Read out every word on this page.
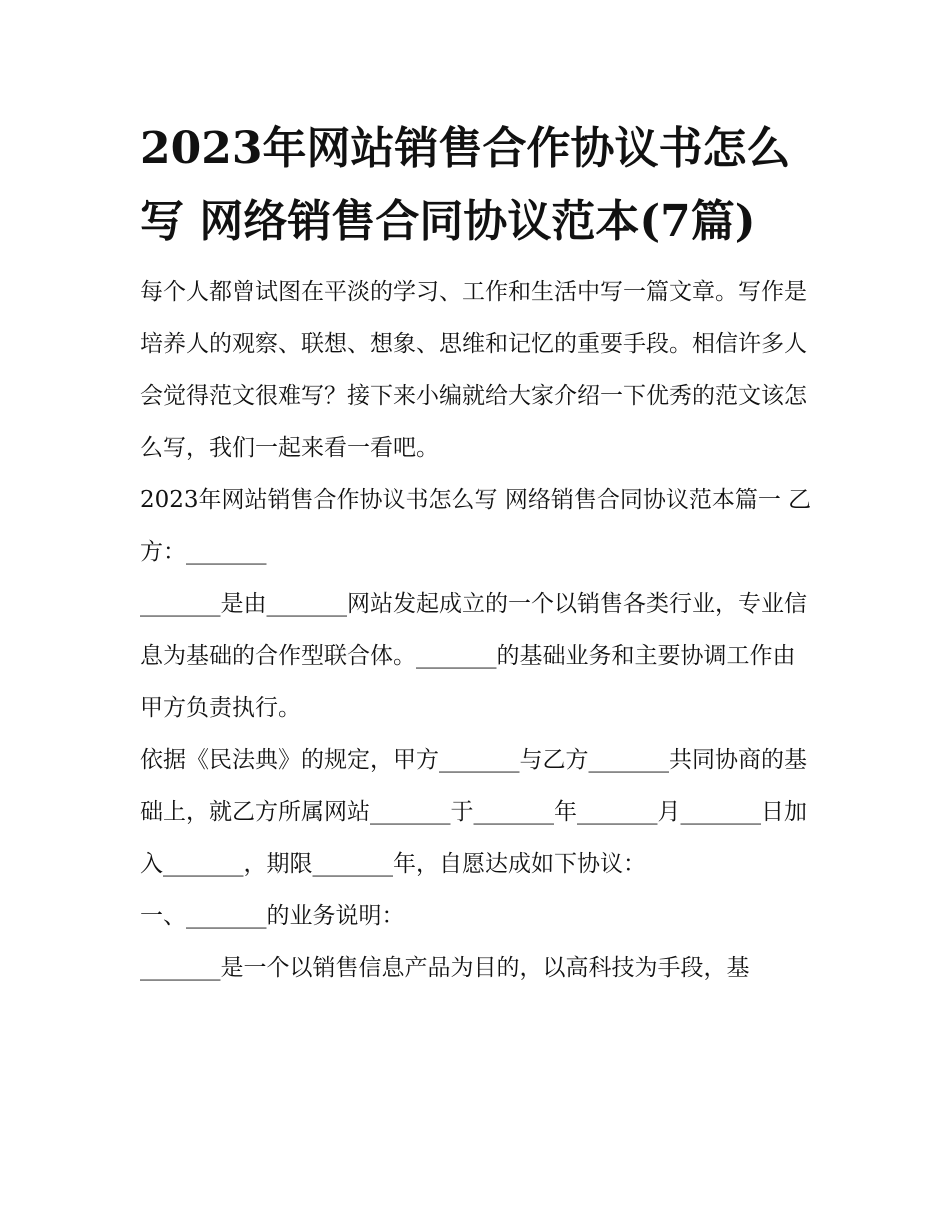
2023年网站销售合作协议书怎么写 网络销售合同协议范本(7篇)

每个人都曾试图在平淡的学习、工作和生活中写一篇文章。写作是培养人的观察、联想、想象、思维和记忆的重要手段。相信许多人会觉得范文很难写？接下来小编就给大家介绍一下优秀的范文该怎么写，我们一起来看一看吧。

2023年网站销售合作协议书怎么写 网络销售合同协议范本篇一 乙方：_______

_______是由_______网站发起成立的一个以销售各类行业，专业信息为基础的合作型联合体。_______的基础业务和主要协调工作由甲方负责执行。

依据《民法典》的规定，甲方_______与乙方_______共同协商的基础上，就乙方所属网站_______于_______年_______月_______日加入_______，期限_______年，自愿达成如下协议：

一、_______的业务说明：

_______是一个以销售信息产品为目的，以高科技为手段，基
